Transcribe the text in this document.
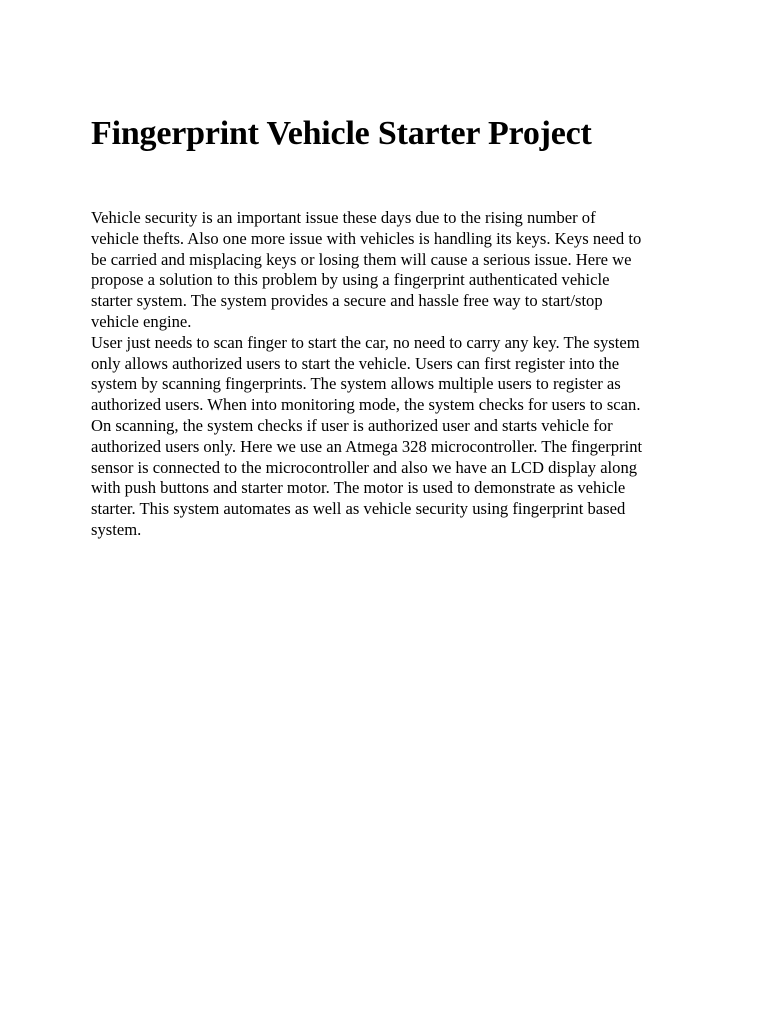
Fingerprint Vehicle Starter Project

Vehicle security is an important issue these days due to the rising number of
vehicle thefts. Also one more issue with vehicles is handling its keys. Keys need to
be carried and misplacing keys or losing them will cause a serious issue. Here we
propose a solution to this problem by using a fingerprint authenticated vehicle
starter system. The system provides a secure and hassle free way to start/stop
vehicle engine.

User just needs to scan finger to start the car, no need to carry any key. The system
only allows authorized users to start the vehicle. Users can first register into the
system by scanning fingerprints. The system allows multiple users to register as
authorized users. When into monitoring mode, the system checks for users to scan.
On scanning, the system checks if user is authorized user and starts vehicle for
authorized users only. Here we use an Atmega 328 microcontroller. The fingerprint
sensor is connected to the microcontroller and also we have an LCD display along
with push buttons and starter motor. The motor is used to demonstrate as vehicle
starter. This system automates as well as vehicle security using fingerprint based
system.
